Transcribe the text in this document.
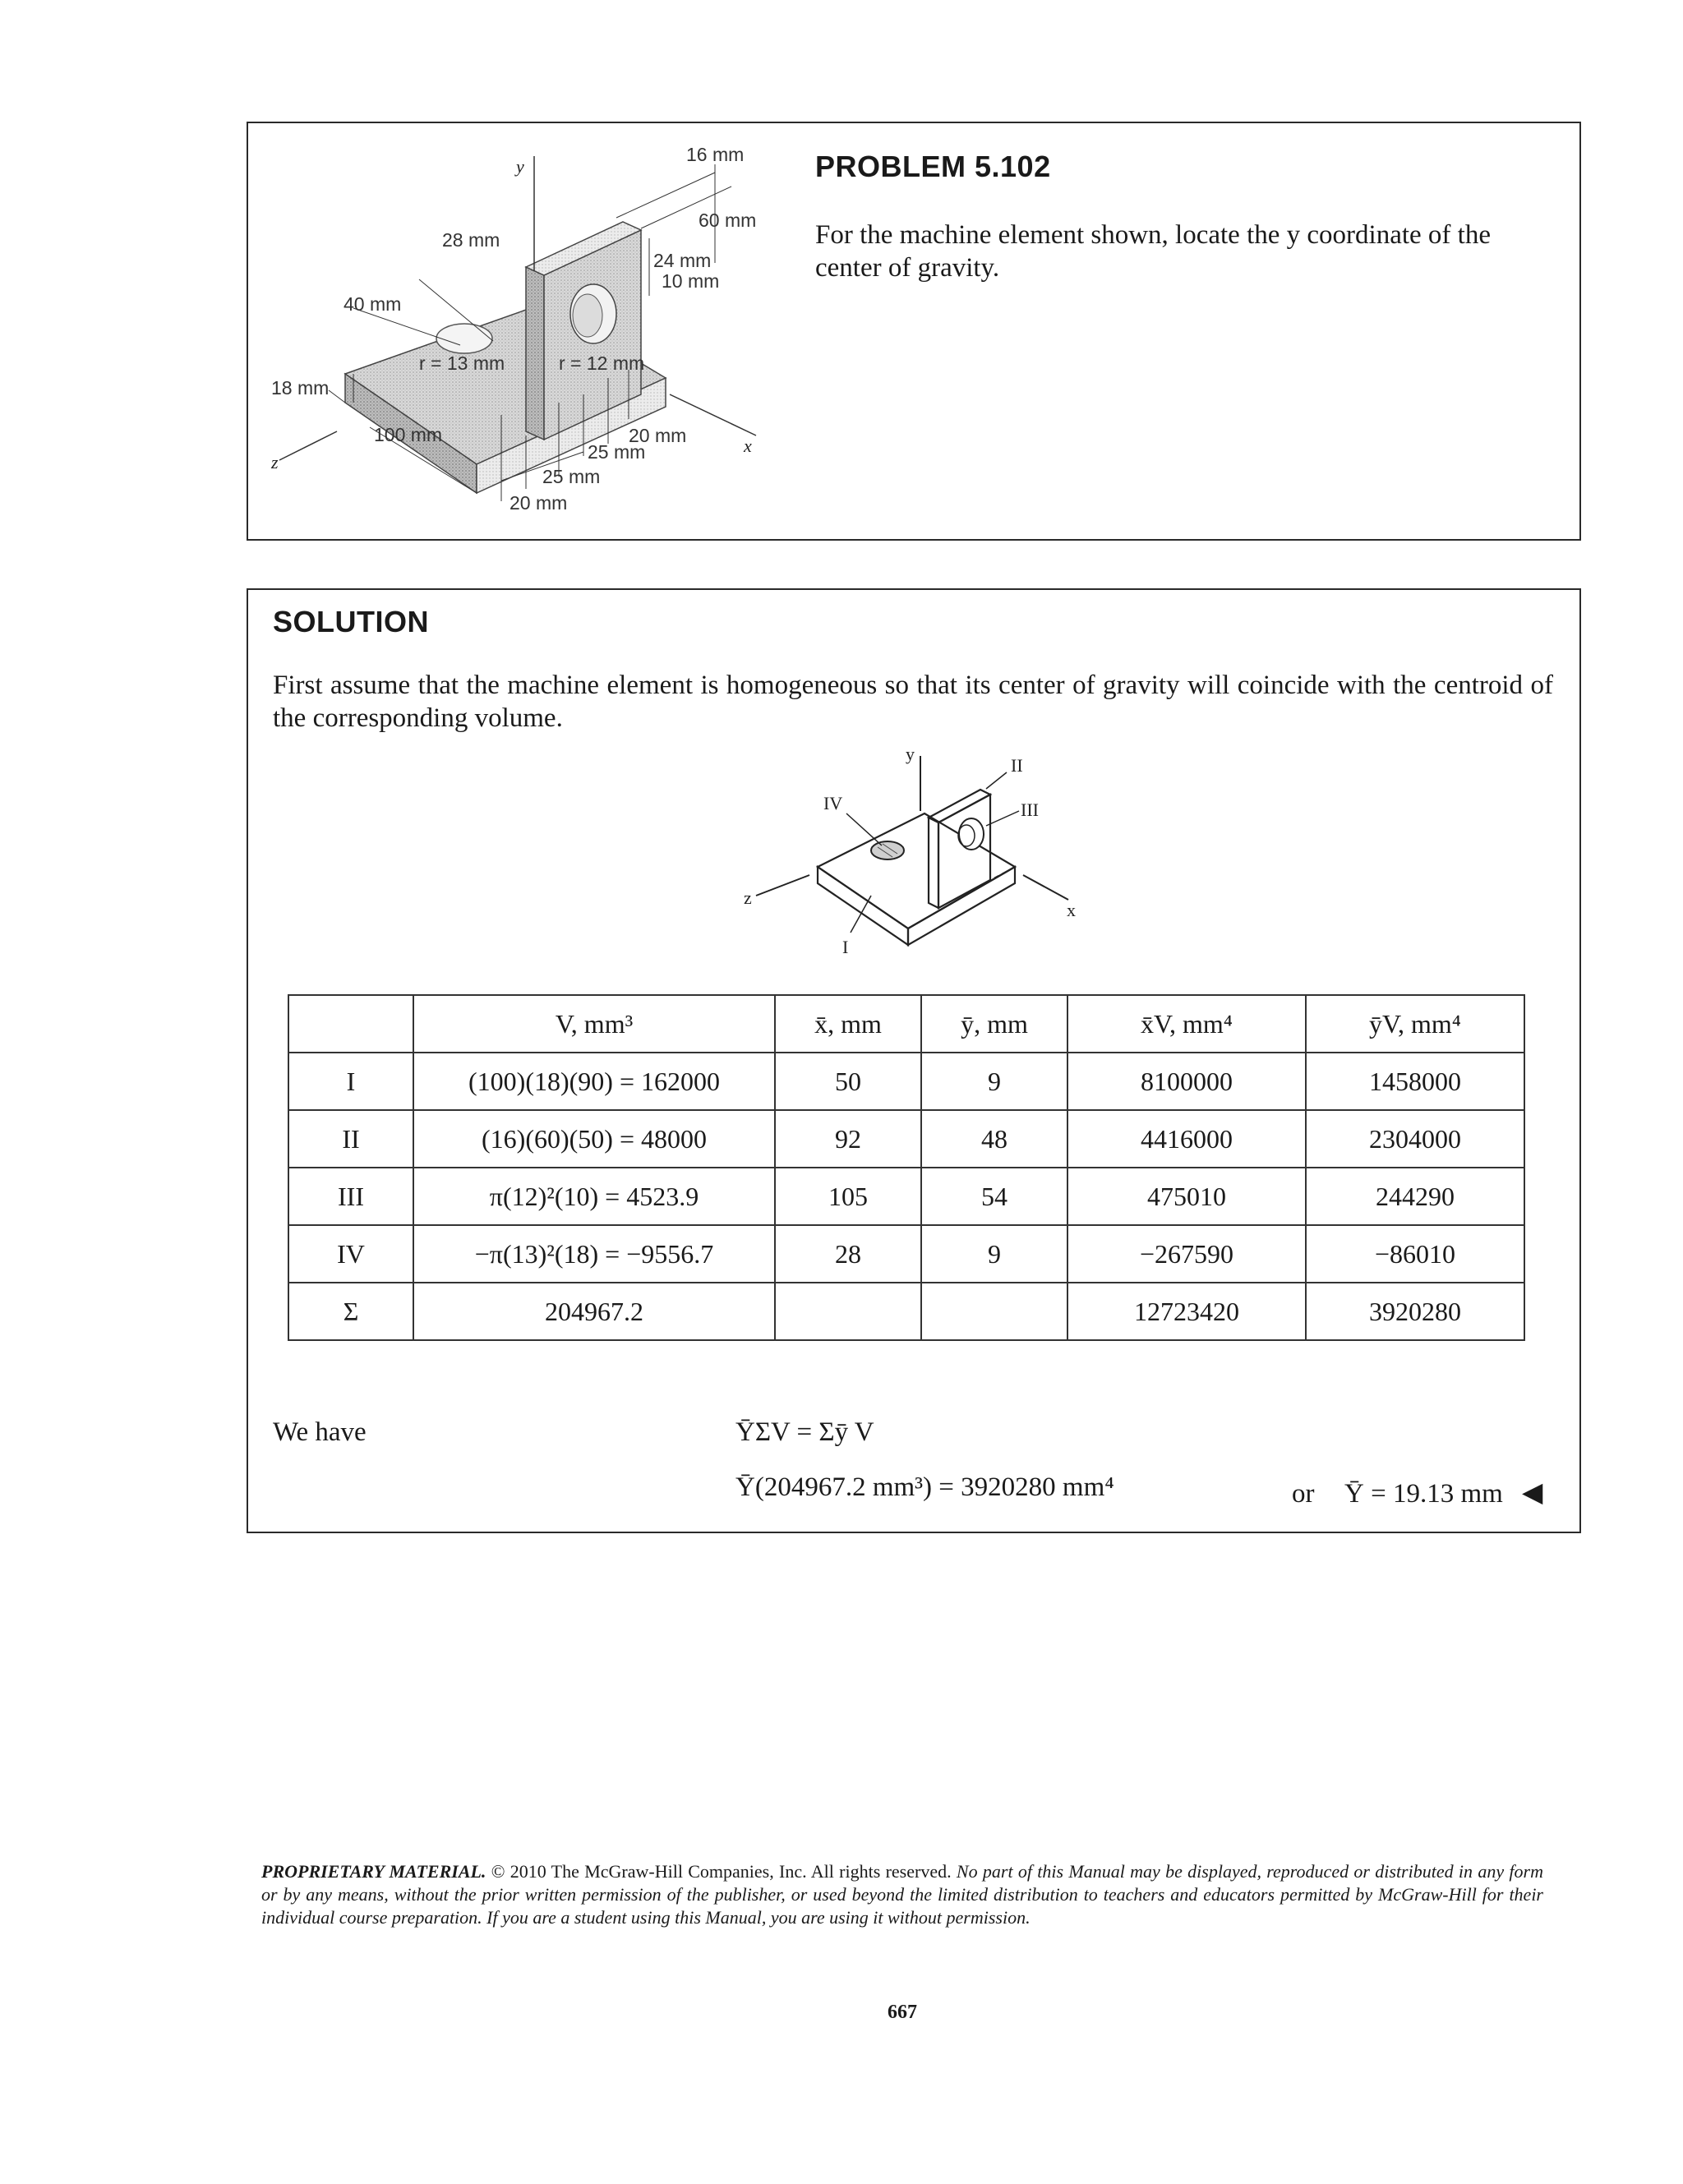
y
z
x
16 mm
60 mm
28 mm
24 mm
10 mm
40 mm
r = 13 mm	r = 12 mm
18 mm
100 mm	20 mm
25 mm
25 mm
20 mm
PROBLEM 5.102
For the machine element shown, locate the y coordinate of the center of gravity.
SOLUTION
First assume that the machine element is homogeneous so that its center of gravity will coincide with the centroid of the corresponding volume.
y
II
III
IV
I
z
x
	V, mm³	x̄, mm	ȳ, mm	x̄V, mm⁴	ȳV, mm⁴
I	(100)(18)(90) = 162000	50	9	8100000	1458000
II	(16)(60)(50) = 48000	92	48	4416000	2304000
III	π(12)²(10) = 4523.9	105	54	475010	244290
IV	−π(13)²(18) = −9556.7	28	9	−267590	−86010
Σ	204967.2			12723420	3920280
We have	ȲΣV = Σȳ V
Ȳ(204967.2 mm³) = 3920280 mm⁴	or Ȳ = 19.13 mm ◀
PROPRIETARY MATERIAL. © 2010 The McGraw-Hill Companies, Inc. All rights reserved. No part of this Manual may be displayed, reproduced or distributed in any form or by any means, without the prior written permission of the publisher, or used beyond the limited distribution to teachers and educators permitted by McGraw-Hill for their individual course preparation. If you are a student using this Manual, you are using it without permission.
667
